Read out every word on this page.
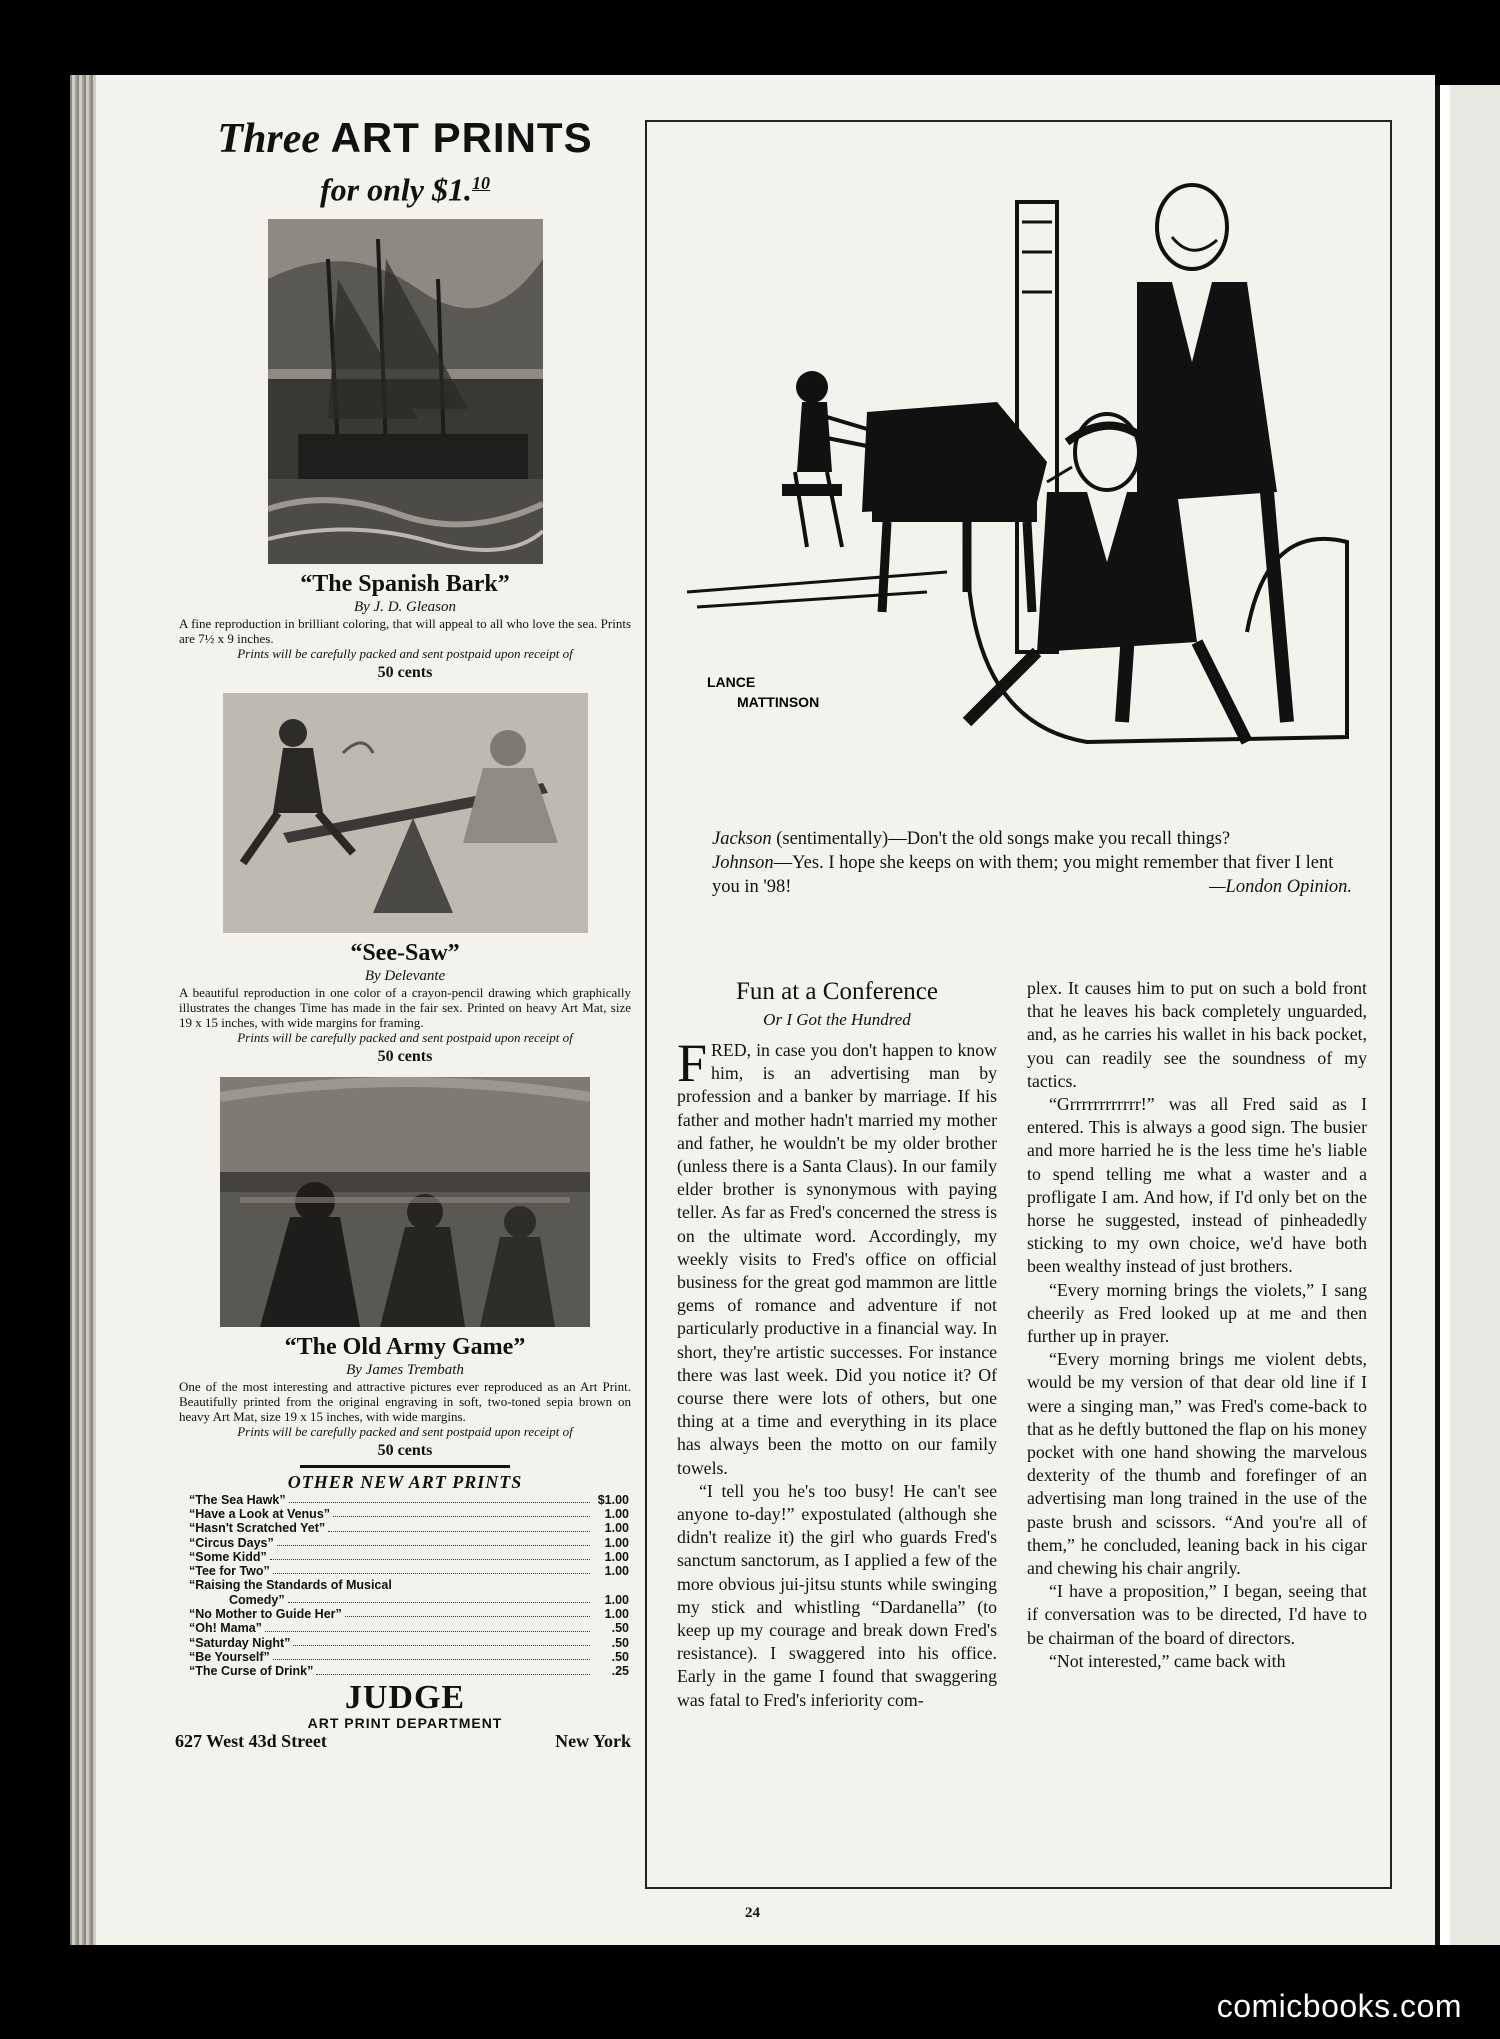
Three ART PRINTS
for only $1.10
“The Spanish Bark”
By J. D. Gleason
A fine reproduction in brilliant coloring, that will appeal to all who love the sea. Prints are 7½ x 9 inches.
Prints will be carefully packed and sent postpaid upon receipt of
50 cents
“See-Saw”
By Delevante
A beautiful reproduction in one color of a crayon-pencil drawing which graphically illustrates the changes Time has made in the fair sex. Printed on heavy Art Mat, size 19 x 15 inches, with wide margins for framing.
Prints will be carefully packed and sent postpaid upon receipt of
50 cents
“The Old Army Game”
By James Trembath
One of the most interesting and attractive pictures ever reproduced as an Art Print. Beautifully printed from the original engraving in soft, two-toned sepia brown on heavy Art Mat, size 19 x 15 inches, with wide margins.
Prints will be carefully packed and sent postpaid upon receipt of
50 cents
OTHER NEW ART PRINTS
“The Sea Hawk”	$1.00
“Have a Look at Venus”	1.00
“Hasn't Scratched Yet”	1.00
“Circus Days”	1.00
“Some Kidd”	1.00
“Tee for Two”	1.00
“Raising the Standards of Musical
Comedy”	1.00
“No Mother to Guide Her”	1.00
“Oh! Mama”	.50
“Saturday Night”	.50
“Be Yourself”	.50
“The Curse of Drink”	.25
JUDGE
ART PRINT DEPARTMENT
627 West 43d Street	New York
LANCE
MATTINSON
Jackson (sentimentally)—Don't the old songs make you recall things?
Johnson—Yes. I hope she keeps on with them; you might remember that fiver I lent you in '98!	—London Opinion.
Fun at a Conference
Or I Got the Hundred

FRED, in case you don't happen to know him, is an advertising man by profession and a banker by marriage. If his father and mother hadn't married my mother and father, he wouldn't be my older brother (unless there is a Santa Claus). In our family elder brother is synonymous with paying teller. As far as Fred's concerned the stress is on the ultimate word. Accordingly, my weekly visits to Fred's office on official business for the great god mammon are little gems of romance and adventure if not particularly productive in a financial way. In short, they're artistic successes. For instance there was last week. Did you notice it? Of course there were lots of others, but one thing at a time and everything in its place has always been the motto on our family towels.

“I tell you he's too busy! He can't see anyone to-day!” expostulated (although she didn't realize it) the girl who guards Fred's sanctum sanctorum, as I applied a few of the more obvious jui-jitsu stunts while swinging my stick and whistling “Dardanella” (to keep up my courage and break down Fred's resistance). I swaggered into his office. Early in the game I found that swaggering was fatal to Fred's inferiority com-

plex. It causes him to put on such a bold front that he leaves his back completely unguarded, and, as he carries his wallet in his back pocket, you can readily see the soundness of my tactics.

“Grrrrrrrrrrrr!” was all Fred said as I entered. This is always a good sign. The busier and more harried he is the less time he's liable to spend telling me what a waster and a profligate I am. And how, if I'd only bet on the horse he suggested, instead of pinheadedly sticking to my own choice, we'd have both been wealthy instead of just brothers.

“Every morning brings the violets,” I sang cheerily as Fred looked up at me and then further up in prayer.

“Every morning brings me violent debts, would be my version of that dear old line if I were a singing man,” was Fred's come-back to that as he deftly buttoned the flap on his money pocket with one hand showing the marvelous dexterity of the thumb and forefinger of an advertising man long trained in the use of the paste brush and scissors. “And you're all of them,” he concluded, leaning back in his cigar and chewing his chair angrily.

“I have a proposition,” I began, seeing that if conversation was to be directed, I'd have to be chairman of the board of directors.

“Not interested,” came back with

24
comicbooks.com
